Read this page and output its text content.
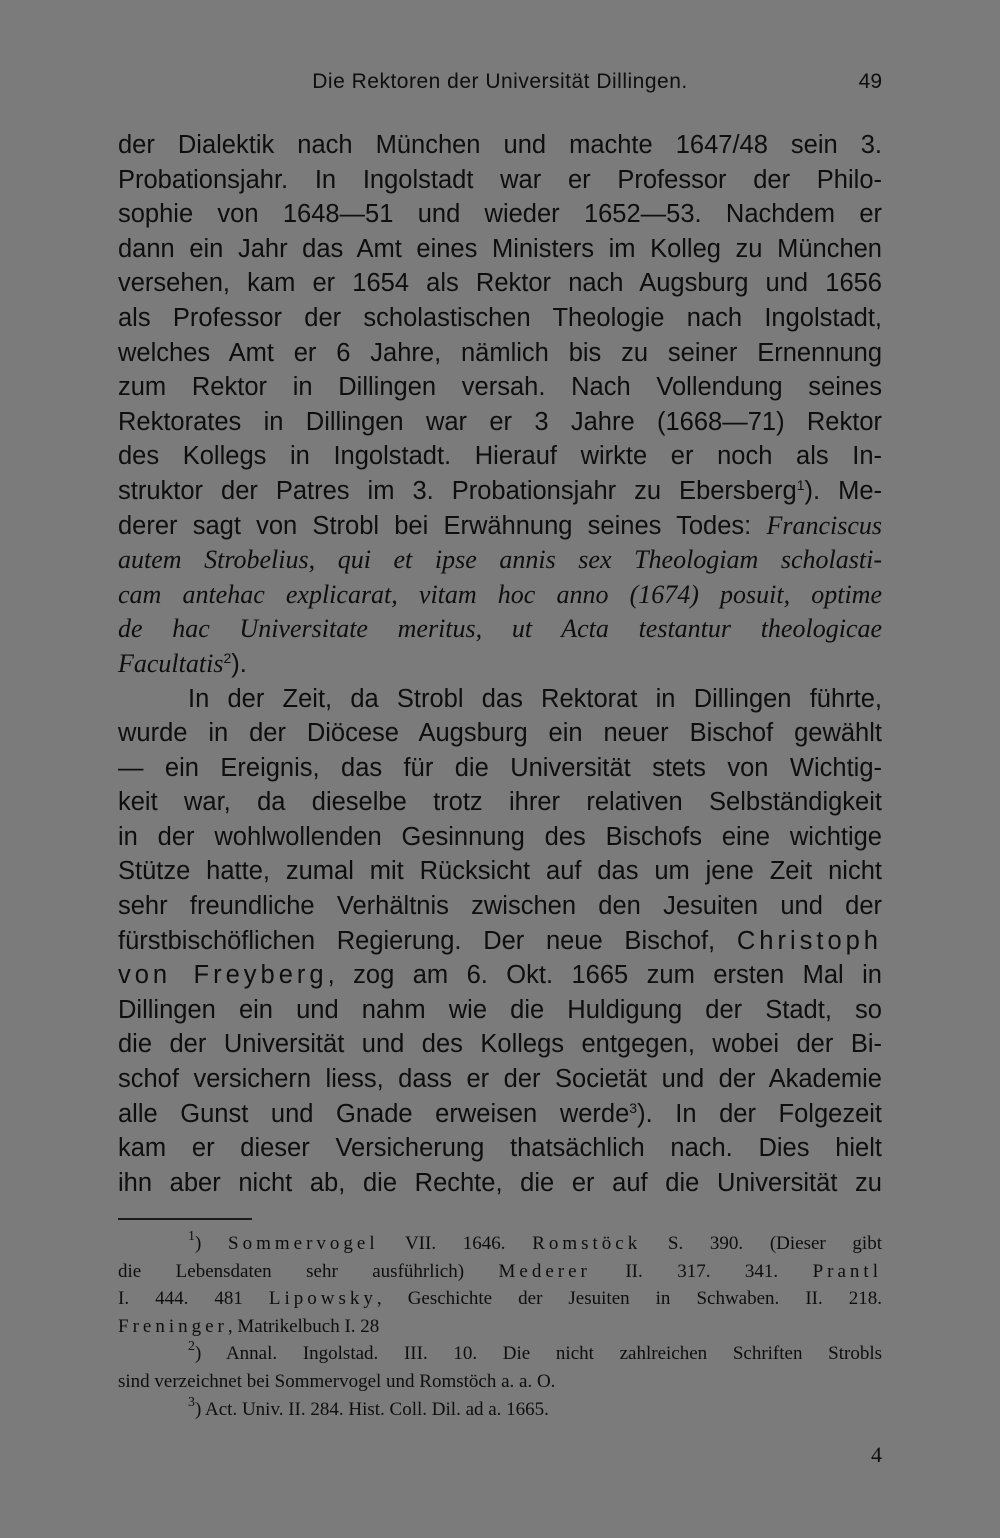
Die Rektoren der Universität Dillingen.	49
der Dialektik nach München und machte 1647/48 sein 3.
Probationsjahr. In Ingolstadt war er Professor der Philo-
sophie von 1648—51 und wieder 1652—53. Nachdem er
dann ein Jahr das Amt eines Ministers im Kolleg zu München
versehen, kam er 1654 als Rektor nach Augsburg und 1656
als Professor der scholastischen Theologie nach Ingolstadt,
welches Amt er 6 Jahre, nämlich bis zu seiner Ernennung
zum Rektor in Dillingen versah. Nach Vollendung seines
Rektorates in Dillingen war er 3 Jahre (1668—71) Rektor
des Kollegs in Ingolstadt. Hierauf wirkte er noch als In-
struktor der Patres im 3. Probationsjahr zu Ebersberg$^1$). Me-
derer sagt von Strobl bei Erwähnung seines Todes: Franciscus
autem Strobelius, qui et ipse annis sex Theologiam scholasti-
cam antehac explicarat, vitam hoc anno (1674) posuit, optime
de hac Universitate meritus, ut Acta testantur theologicae
Facultatis$^2$).
In der Zeit, da Strobl das Rektorat in Dillingen führte,
wurde in der Diöcese Augsburg ein neuer Bischof gewählt
— ein Ereignis, das für die Universität stets von Wichtig-
keit war, da dieselbe trotz ihrer relativen Selbständigkeit
in der wohlwollenden Gesinnung des Bischofs eine wichtige
Stütze hatte, zumal mit Rücksicht auf das um jene Zeit nicht
sehr freundliche Verhältnis zwischen den Jesuiten und der
fürstbischöflichen Regierung. Der neue Bischof, Christoph
von Freyberg, zog am 6. Okt. 1665 zum ersten Mal in
Dillingen ein und nahm wie die Huldigung der Stadt, so
die der Universität und des Kollegs entgegen, wobei der Bi-
schof versichern liess, dass er der Societät und der Akademie
alle Gunst und Gnade erweisen werde$^3$). In der Folgezeit
kam er dieser Versicherung thatsächlich nach. Dies hielt
ihn aber nicht ab, die Rechte, die er auf die Universität zu
$^1$) Sommervogel VII. 1646. Romstöck S. 390. (Dieser gibt
die Lebensdaten sehr ausführlich) Mederer II. 317. 341. Prantl
I. 444. 481 Lipowsky, Geschichte der Jesuiten in Schwaben. II. 218.
Freninger, Matrikelbuch I. 28
$^2$) Annal. Ingolstad. III. 10. Die nicht zahlreichen Schriften Strobls
sind verzeichnet bei Sommervogel und Romstöch a. a. O.
$^3$) Act. Univ. II. 284. Hist. Coll. Dil. ad a. 1665.
4
